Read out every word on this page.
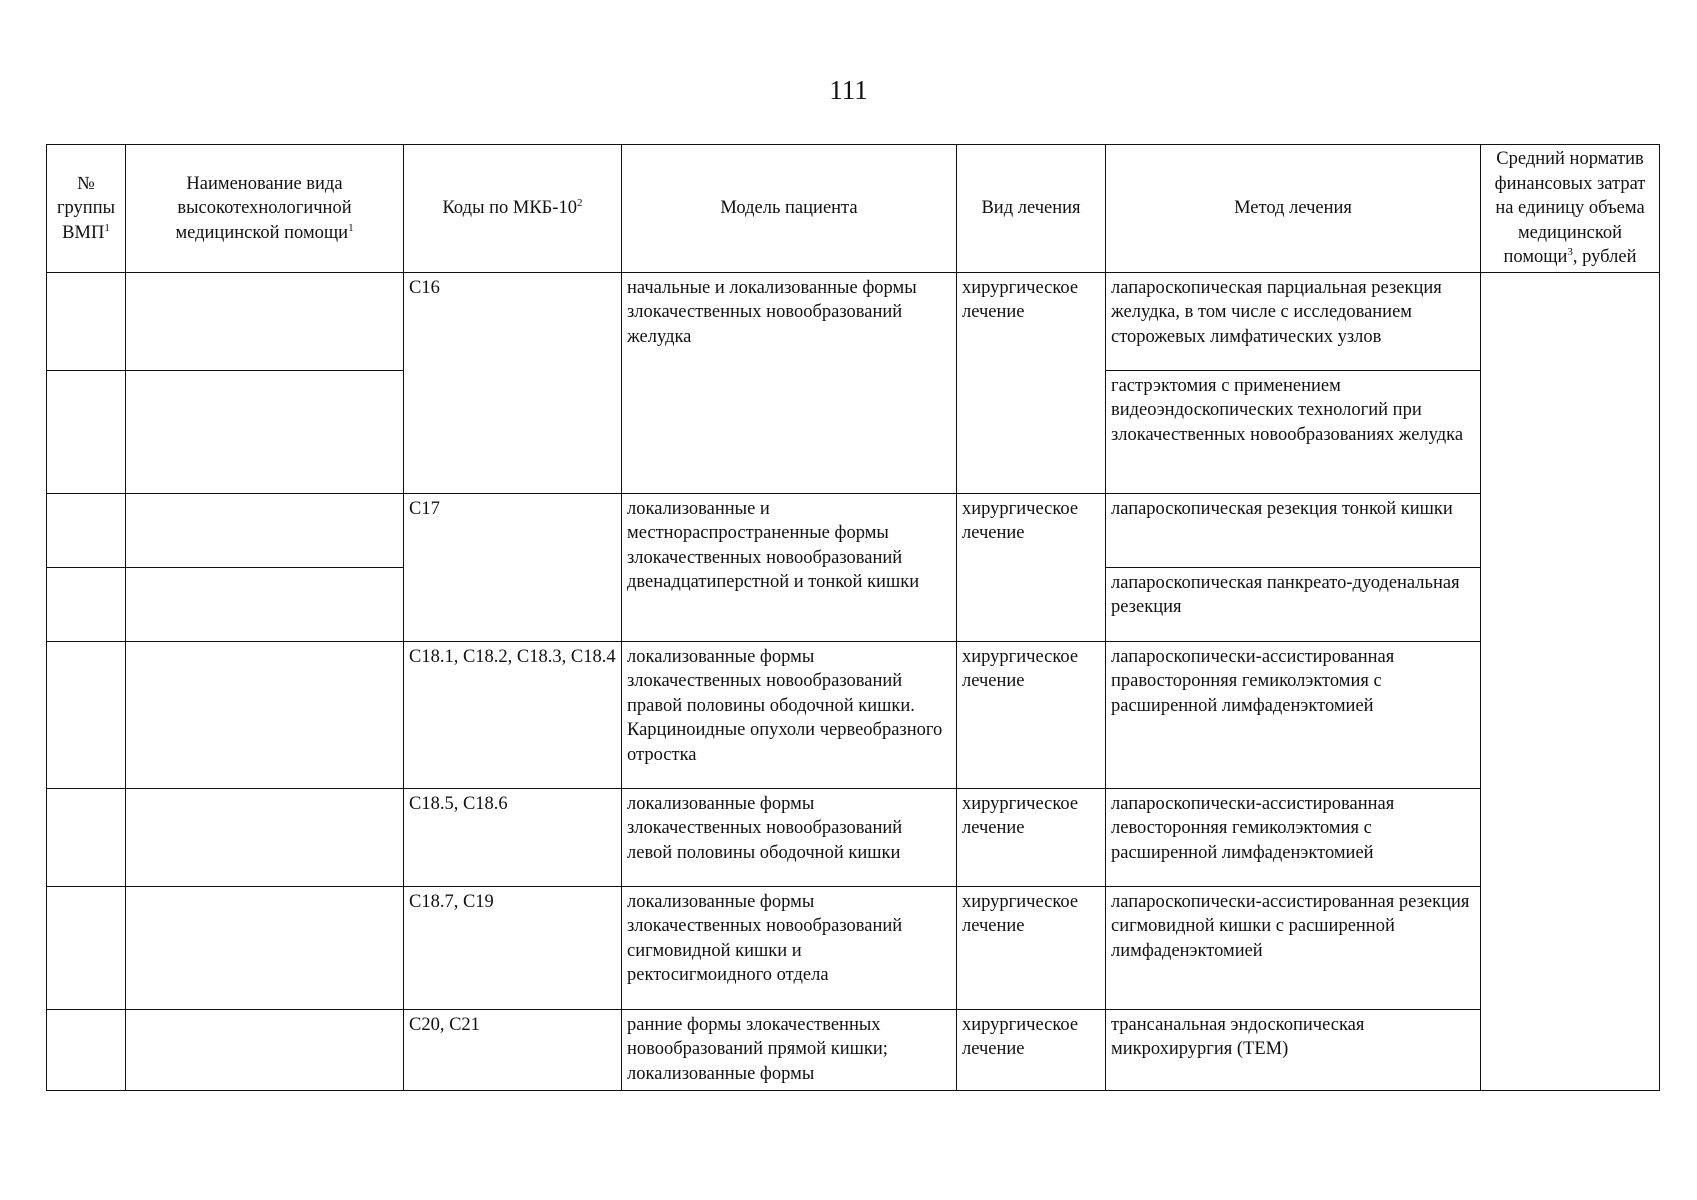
111
№ группы ВМП$^1$	Наименование вида высокотехнологичной медицинской помощи$^1$	Коды по МКБ-$10^2$	Модель пациента	Вид лечения	Метод лечения	Средний норматив финансовых затрат на единицу объема медицинской помощи$^3$, рублей
		C16	начальные и локализованные формы злокачественных новообразований желудка	хирургическое лечение	лапароскопическая парциальная резекция желудка, в том числе с исследованием сторожевых лимфатических узлов	
					гастрэктомия с применением видеоэндоскопических технологий при злокачественных новообразованиях желудка	
		C17	локализованные и местнораспространенные формы злокачественных новообразований двенадцатиперстной и тонкой кишки	хирургическое лечение	лапароскопическая резекция тонкой кишки	
					лапароскопическая панкреато-дуоденальная резекция	
		C18.1, C18.2, C18.3, C18.4	локализованные формы злокачественных новообразований правой половины ободочной кишки. Карциноидные опухоли червеобразного отростка	хирургическое лечение	лапароскопически-ассистированная правосторонняя гемиколэктомия с расширенной лимфаденэктомией	
		C18.5, C18.6	локализованные формы злокачественных новообразований левой половины ободочной кишки	хирургическое лечение	лапароскопически-ассистированная левосторонняя гемиколэктомия с расширенной лимфаденэктомией	
		C18.7, C19	локализованные формы злокачественных новообразований сигмовидной кишки и ректосигмоидного отдела	хирургическое лечение	лапароскопически-ассистированная резекция сигмовидной кишки с расширенной лимфаденэктомией	
		C20, C21	ранние формы злокачественных новообразований прямой кишки; локализованные формы	хирургическое лечение	трансанальная эндоскопическая микрохирургия (ТЕМ)	
